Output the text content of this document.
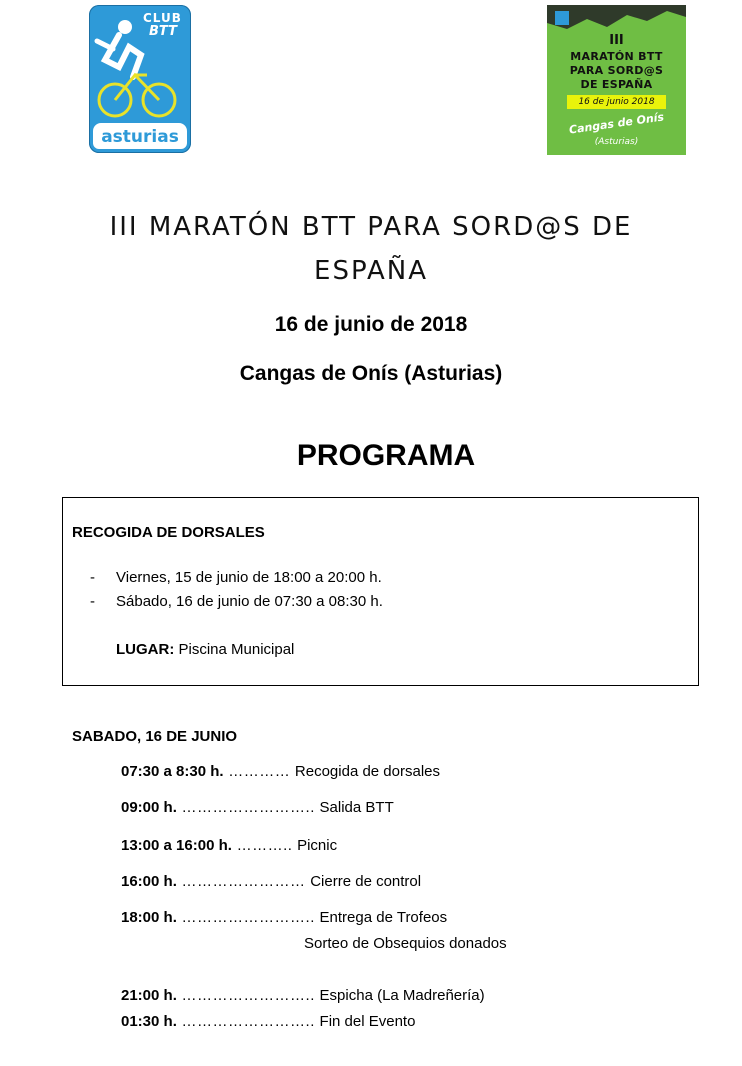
CLUB
BTT
asturias
III
MARATÓN BTT
PARA SORD@S
DE ESPAÑA
16 de junio 2018
Cangas de Onís
(Asturias)
III MARATÓN BTT PARA SORD@S DE ESPAÑA
16 de junio de 2018
Cangas de Onís (Asturias)
PROGRAMA
RECOGIDA DE DORSALES
- Viernes, 15 de junio de 18:00 a 20:00 h.
- Sábado, 16 de junio de 07:30 a 08:30 h.
LUGAR: Piscina Municipal
SABADO, 16 DE JUNIO
07:30 a 8:30 h. ………… Recogida de dorsales
09:00 h. …………………….. Salida BTT
13:00 a 16:00 h. ……….. Picnic
16:00 h. …………………… Cierre de control
18:00 h. …………………….. Entrega de Trofeos
Sorteo de Obsequios donados
21:00 h. …………………….. Espicha (La Madreñería)
01:30 h. …………………….. Fin del Evento
